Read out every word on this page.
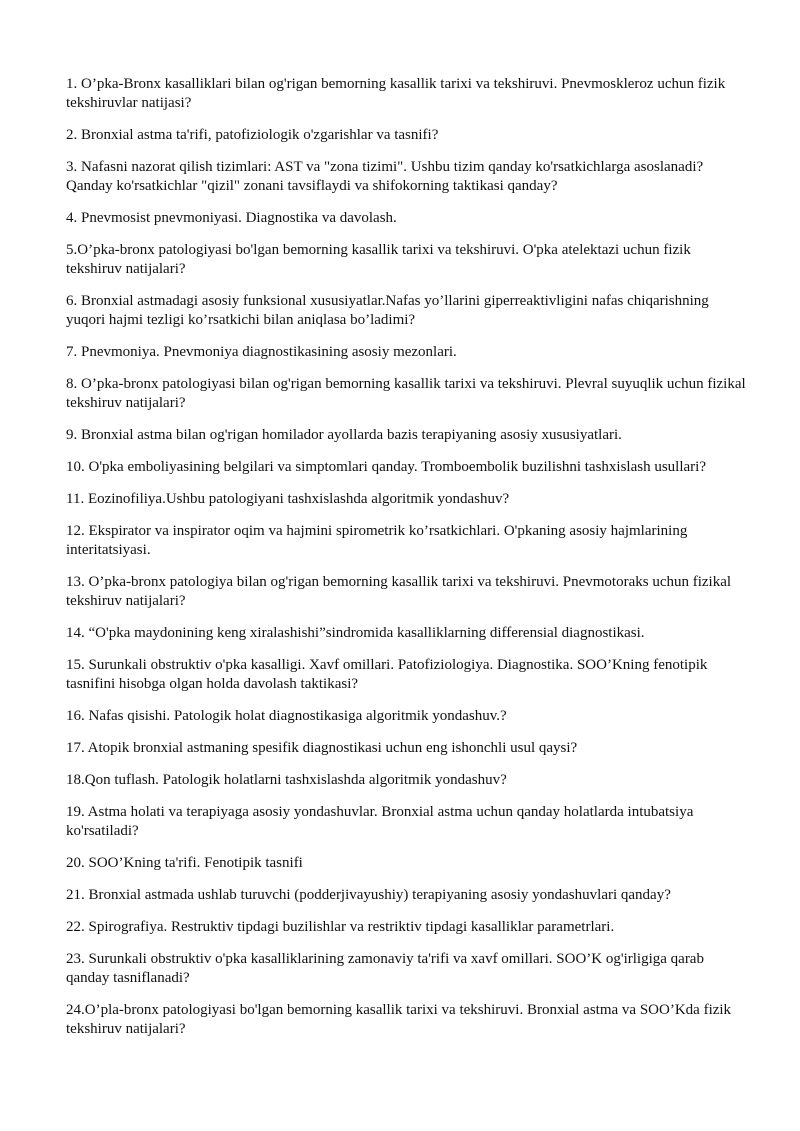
1. O’pka-Bronx kasalliklari bilan og'rigan bemorning kasallik tarixi va tekshiruvi. Pnevmoskleroz uchun fizik tekshiruvlar natijasi?
2. Bronxial astma ta'rifi, patofiziologik o'zgarishlar va tasnifi?
3. Nafasni nazorat qilish tizimlari: AST va "zona tizimi". Ushbu tizim qanday ko'rsatkichlarga asoslanadi? Qanday ko'rsatkichlar "qizil" zonani tavsiflaydi va shifokorning taktikasi qanday?
4. Pnevmosist pnevmoniyasi. Diagnostika va davolash.
5.O’pka-bronx patologiyasi bo'lgan bemorning kasallik tarixi va tekshiruvi. O'pka atelektazi uchun fizik tekshiruv natijalari?
6. Bronxial astmadagi asosiy funksional xususiyatlar.Nafas yo’llarini giperreaktivligini nafas chiqarishning yuqori hajmi tezligi ko’rsatkichi bilan aniqlasa bo’ladimi?
7. Pnevmoniya. Pnevmoniya diagnostikasining asosiy mezonlari.
8. O’pka-bronx patologiyasi bilan og'rigan bemorning kasallik tarixi va tekshiruvi. Plevral suyuqlik uchun fizikal tekshiruv natijalari?
9. Bronxial astma bilan og'rigan homilador ayollarda bazis terapiyaning asosiy xususiyatlari.
10. O'pka emboliyasining belgilari va simptomlari qanday. Tromboembolik buzilishni tashxislash usullari?
11. Eozinofiliya.Ushbu patologiyani tashxislashda algoritmik yondashuv?
12. Ekspirator va inspirator oqim va hajmini spirometrik ko’rsatkichlari. O'pkaning asosiy hajmlarining interitatsiyasi.
13. O’pka-bronx patologiya bilan og'rigan bemorning kasallik tarixi va tekshiruvi. Pnevmotoraks uchun fizikal tekshiruv natijalari?
14. “O'pka maydonining keng xiralashishi”sindromida kasalliklarning differensial diagnostikasi.
15. Surunkali obstruktiv o'pka kasalligi. Xavf omillari. Patofiziologiya. Diagnostika. SOO’Kning fenotipik tasnifini hisobga olgan holda davolash taktikasi?
16. Nafas qisishi. Patologik holat diagnostikasiga algoritmik yondashuv.?
17. Atopik bronxial astmaning spesifik diagnostikasi uchun eng ishonchli usul qaysi?
18.Qon tuflash. Patologik holatlarni tashxislashda algoritmik yondashuv?
19. Astma holati va terapiyaga asosiy yondashuvlar. Bronxial astma uchun qanday holatlarda intubatsiya ko'rsatiladi?
20. SOO’Kning ta'rifi. Fenotipik tasnifi
21. Bronxial astmada ushlab turuvchi (podderjivayushiy) terapiyaning asosiy yondashuvlari qanday?
22. Spirografiya. Restruktiv tipdagi buzilishlar va restriktiv tipdagi kasalliklar parametrlari.
23. Surunkali obstruktiv o'pka kasalliklarining zamonaviy ta'rifi va xavf omillari. SOO’K og'irligiga qarab qanday tasniflanadi?
24.O’pla-bronx patologiyasi bo'lgan bemorning kasallik tarixi va tekshiruvi. Bronxial astma va SOO’Kda fizik tekshiruv natijalari?
